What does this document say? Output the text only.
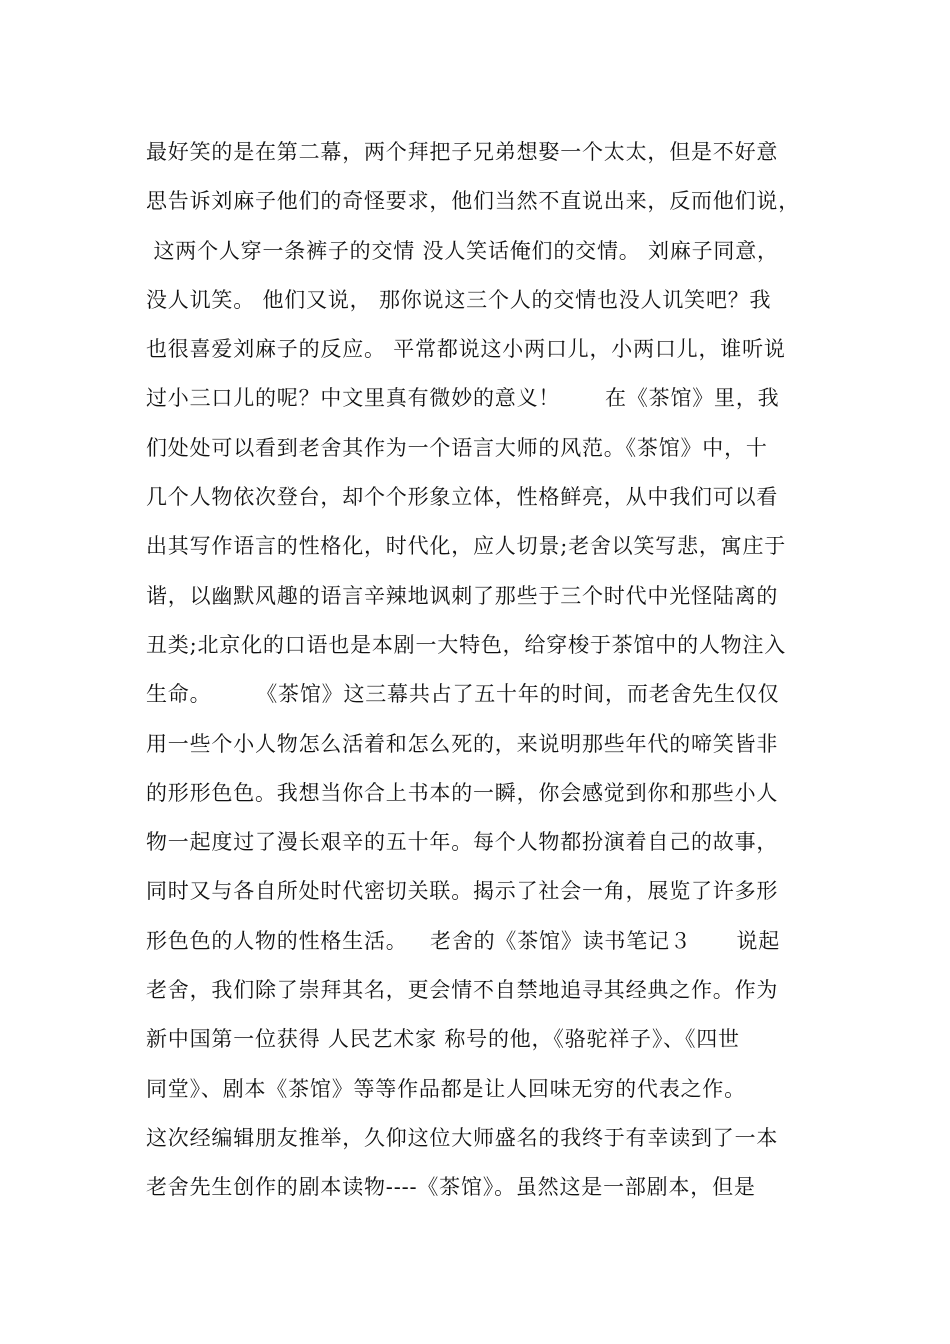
最好笑的是在第二幕，两个拜把子兄弟想娶一个太太，但是不好意
思告诉刘麻子他们的奇怪要求，他们当然不直说出来，反而他们说，
这两个人穿一条裤子的交情 没人笑话俺们的交情。 刘麻子同意，
没人讥笑。 他们又说， 那你说这三个人的交情也没人讥笑吧？我
也很喜爱刘麻子的反应。 平常都说这小两口儿，小两口儿，谁听说
过小三口儿的呢？中文里真有微妙的意义！      在《茶馆》里，我
们处处可以看到老舍其作为一个语言大师的风范。《茶馆》中，十
几个人物依次登台，却个个形象立体，性格鲜亮，从中我们可以看
出其写作语言的性格化，时代化，应人切景;老舍以笑写悲，寓庄于
谐，以幽默风趣的语言辛辣地讽刺了那些于三个时代中光怪陆离的
丑类;北京化的口语也是本剧一大特色，给穿梭于茶馆中的人物注入
生命。      《茶馆》这三幕共占了五十年的时间，而老舍先生仅仅
用一些个小人物怎么活着和怎么死的，来说明那些年代的啼笑皆非
的形形色色。我想当你合上书本的一瞬，你会感觉到你和那些小人
物一起度过了漫长艰辛的五十年。每个人物都扮演着自己的故事，
同时又与各自所处时代密切关联。揭示了社会一角，展览了许多形
形色色的人物的性格生活。   老舍的《茶馆》读书笔记３      说起
老舍，我们除了崇拜其名，更会情不自禁地追寻其经典之作。作为
新中国第一位获得 人民艺术家 称号的他，《骆驼祥子》、《四世
同堂》、剧本《茶馆》等等作品都是让人回味无穷的代表之作。
这次经编辑朋友推举，久仰这位大师盛名的我终于有幸读到了一本
老舍先生创作的剧本读物----《茶馆》。虽然这是一部剧本，但是
